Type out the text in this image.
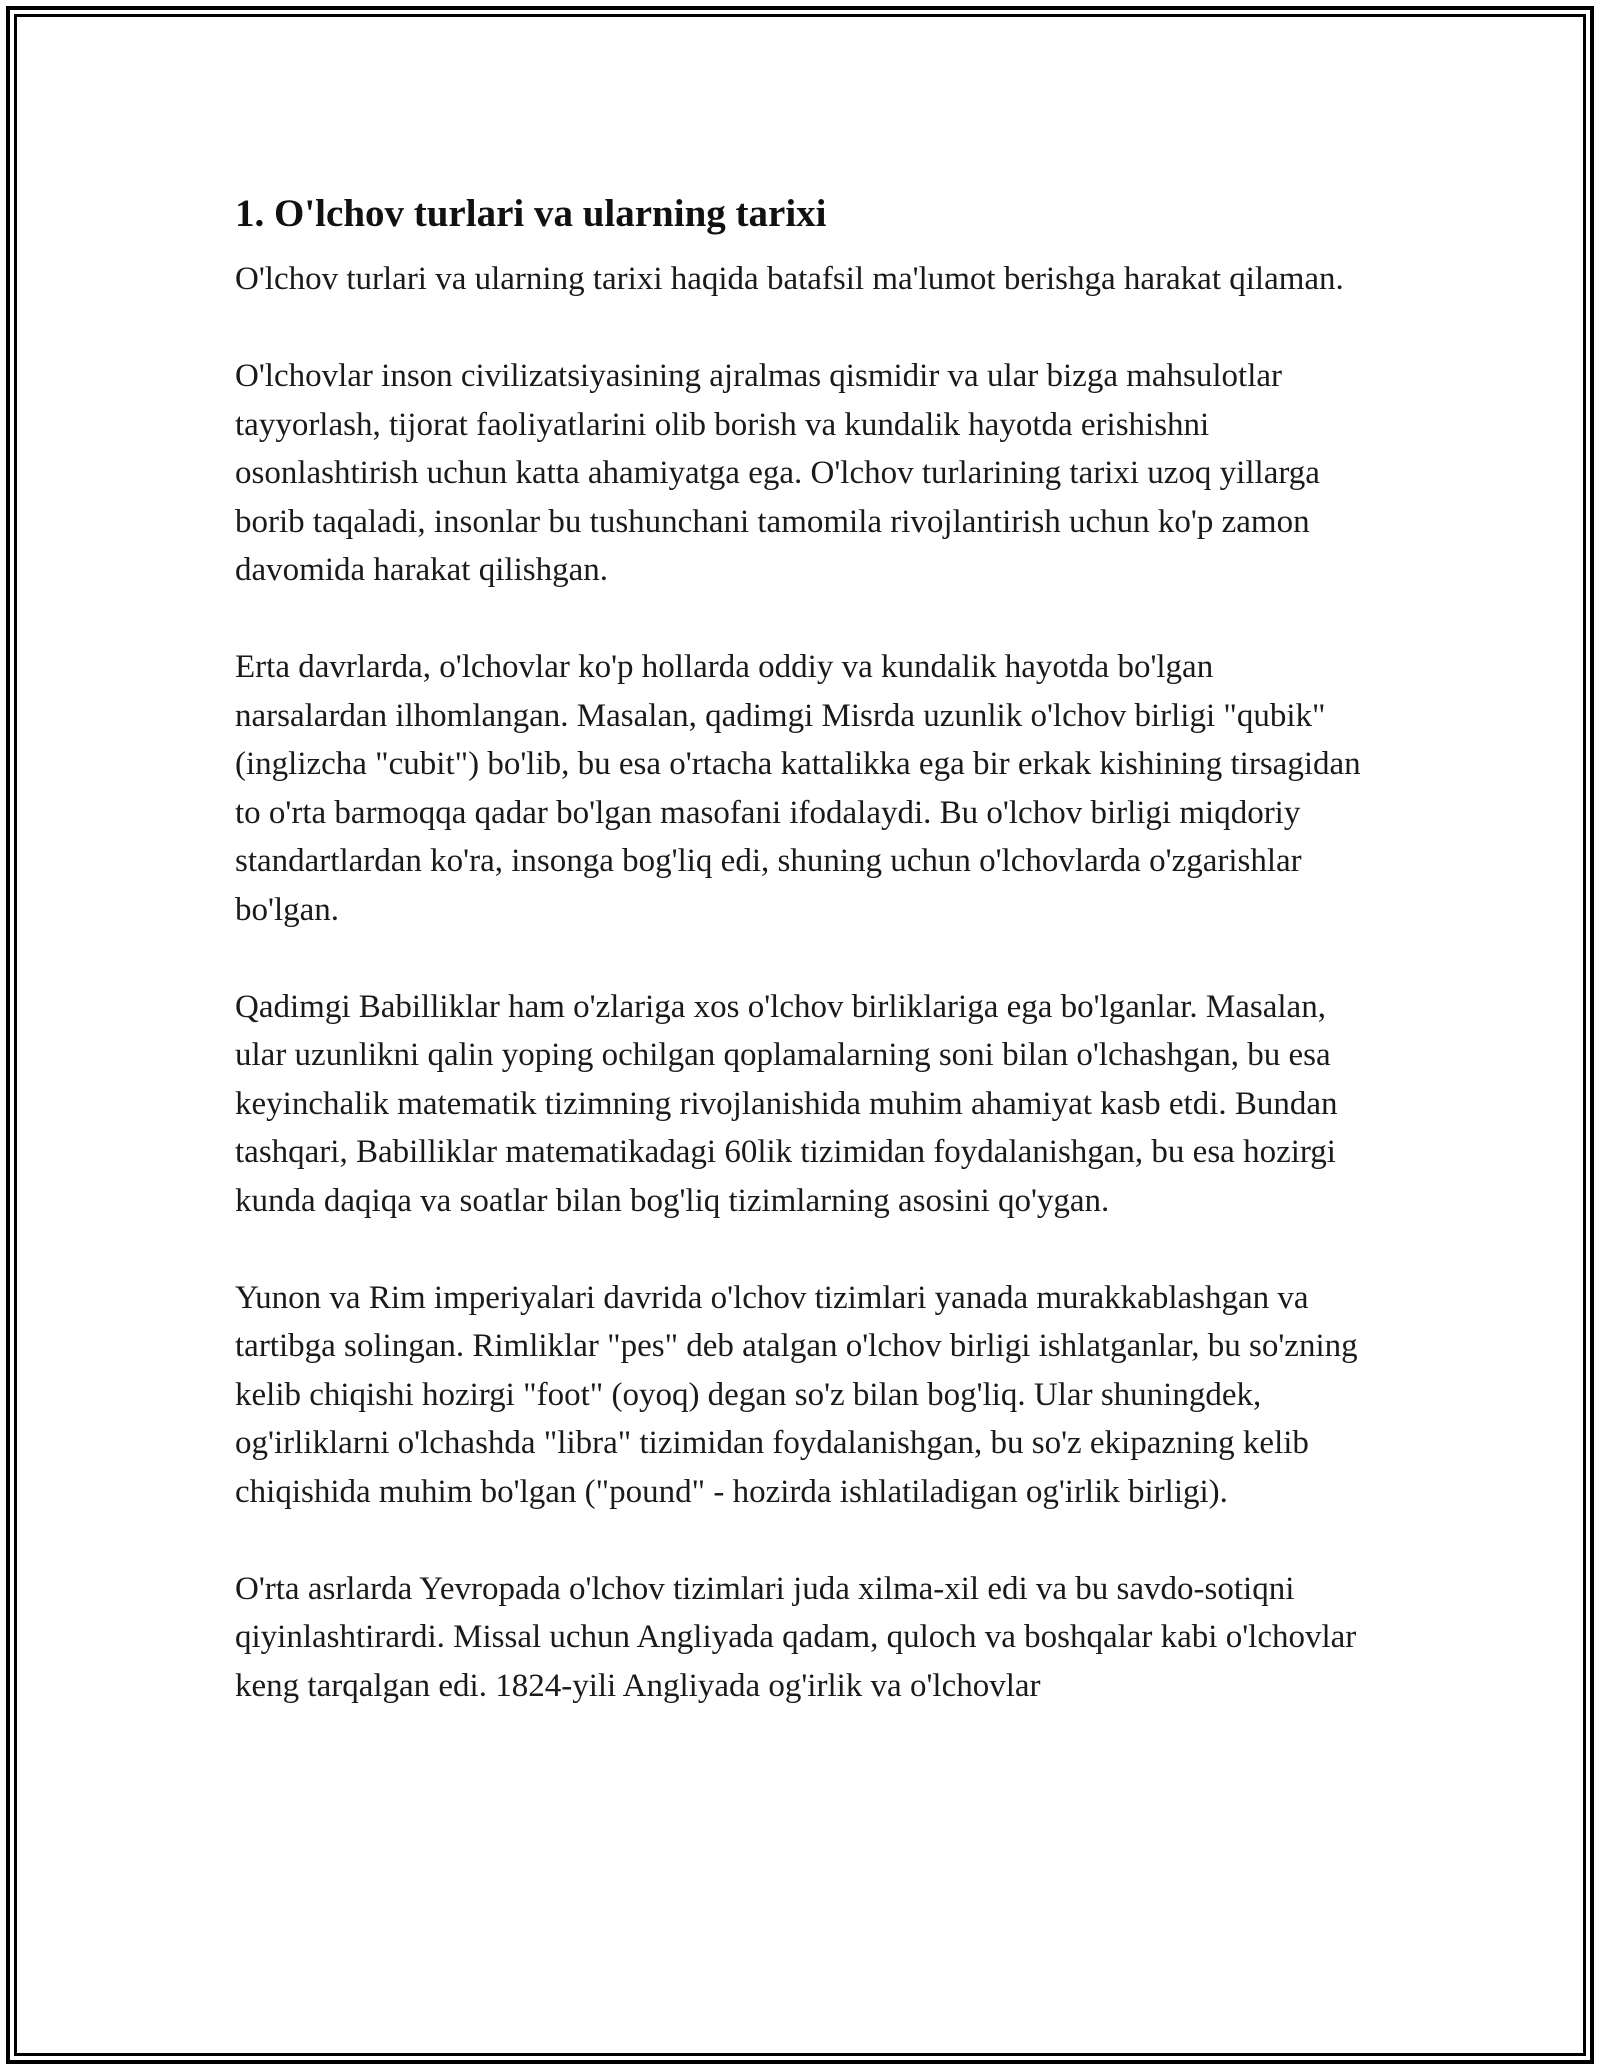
1. O'lchov turlari va ularning tarixi

O'lchov turlari va ularning tarixi haqida batafsil ma'lumot berishga harakat qilaman.

O'lchovlar inson civilizatsiyasining ajralmas qismidir va ular bizga mahsulotlar tayyorlash, tijorat faoliyatlarini olib borish va kundalik hayotda erishishni osonlashtirish uchun katta ahamiyatga ega. O'lchov turlarining tarixi uzoq yillarga borib taqaladi, insonlar bu tushunchani tamomila rivojlantirish uchun ko'p zamon davomida harakat qilishgan.

Erta davrlarda, o'lchovlar ko'p hollarda oddiy va kundalik hayotda bo'lgan narsalardan ilhomlangan. Masalan, qadimgi Misrda uzunlik o'lchov birligi "qubik" (inglizcha "cubit") bo'lib, bu esa o'rtacha kattalikka ega bir erkak kishining tirsagidan to o'rta barmoqqa qadar bo'lgan masofani ifodalaydi. Bu o'lchov birligi miqdoriy standartlardan ko'ra, insonga bog'liq edi, shuning uchun o'lchovlarda o'zgarishlar bo'lgan.

Qadimgi Babilliklar ham o'zlariga xos o'lchov birliklariga ega bo'lganlar. Masalan, ular uzunlikni qalin yoping ochilgan qoplamalarning soni bilan o'lchashgan, bu esa keyinchalik matematik tizimning rivojlanishida muhim ahamiyat kasb etdi. Bundan tashqari, Babilliklar matematikadagi 60lik tizimidan foydalanishgan, bu esa hozirgi kunda daqiqa va soatlar bilan bog'liq tizimlarning asosini qo'ygan.

Yunon va Rim imperiyalari davrida o'lchov tizimlari yanada murakkablashgan va tartibga solingan. Rimliklar "pes" deb atalgan o'lchov birligi ishlatganlar, bu so'zning kelib chiqishi hozirgi "foot" (oyoq) degan so'z bilan bog'liq. Ular shuningdek, og'irliklarni o'lchashda "libra" tizimidan foydalanishgan, bu so'z ekipazning kelib chiqishida muhim bo'lgan ("pound" - hozirda ishlatiladigan og'irlik birligi).

O'rta asrlarda Yevropada o'lchov tizimlari juda xilma-xil edi va bu savdo-sotiqni qiyinlashtirardi. Missal uchun Angliyada qadam, quloch va boshqalar kabi o'lchovlar keng tarqalgan edi. 1824-yili Angliyada og'irlik va o'lchovlar
